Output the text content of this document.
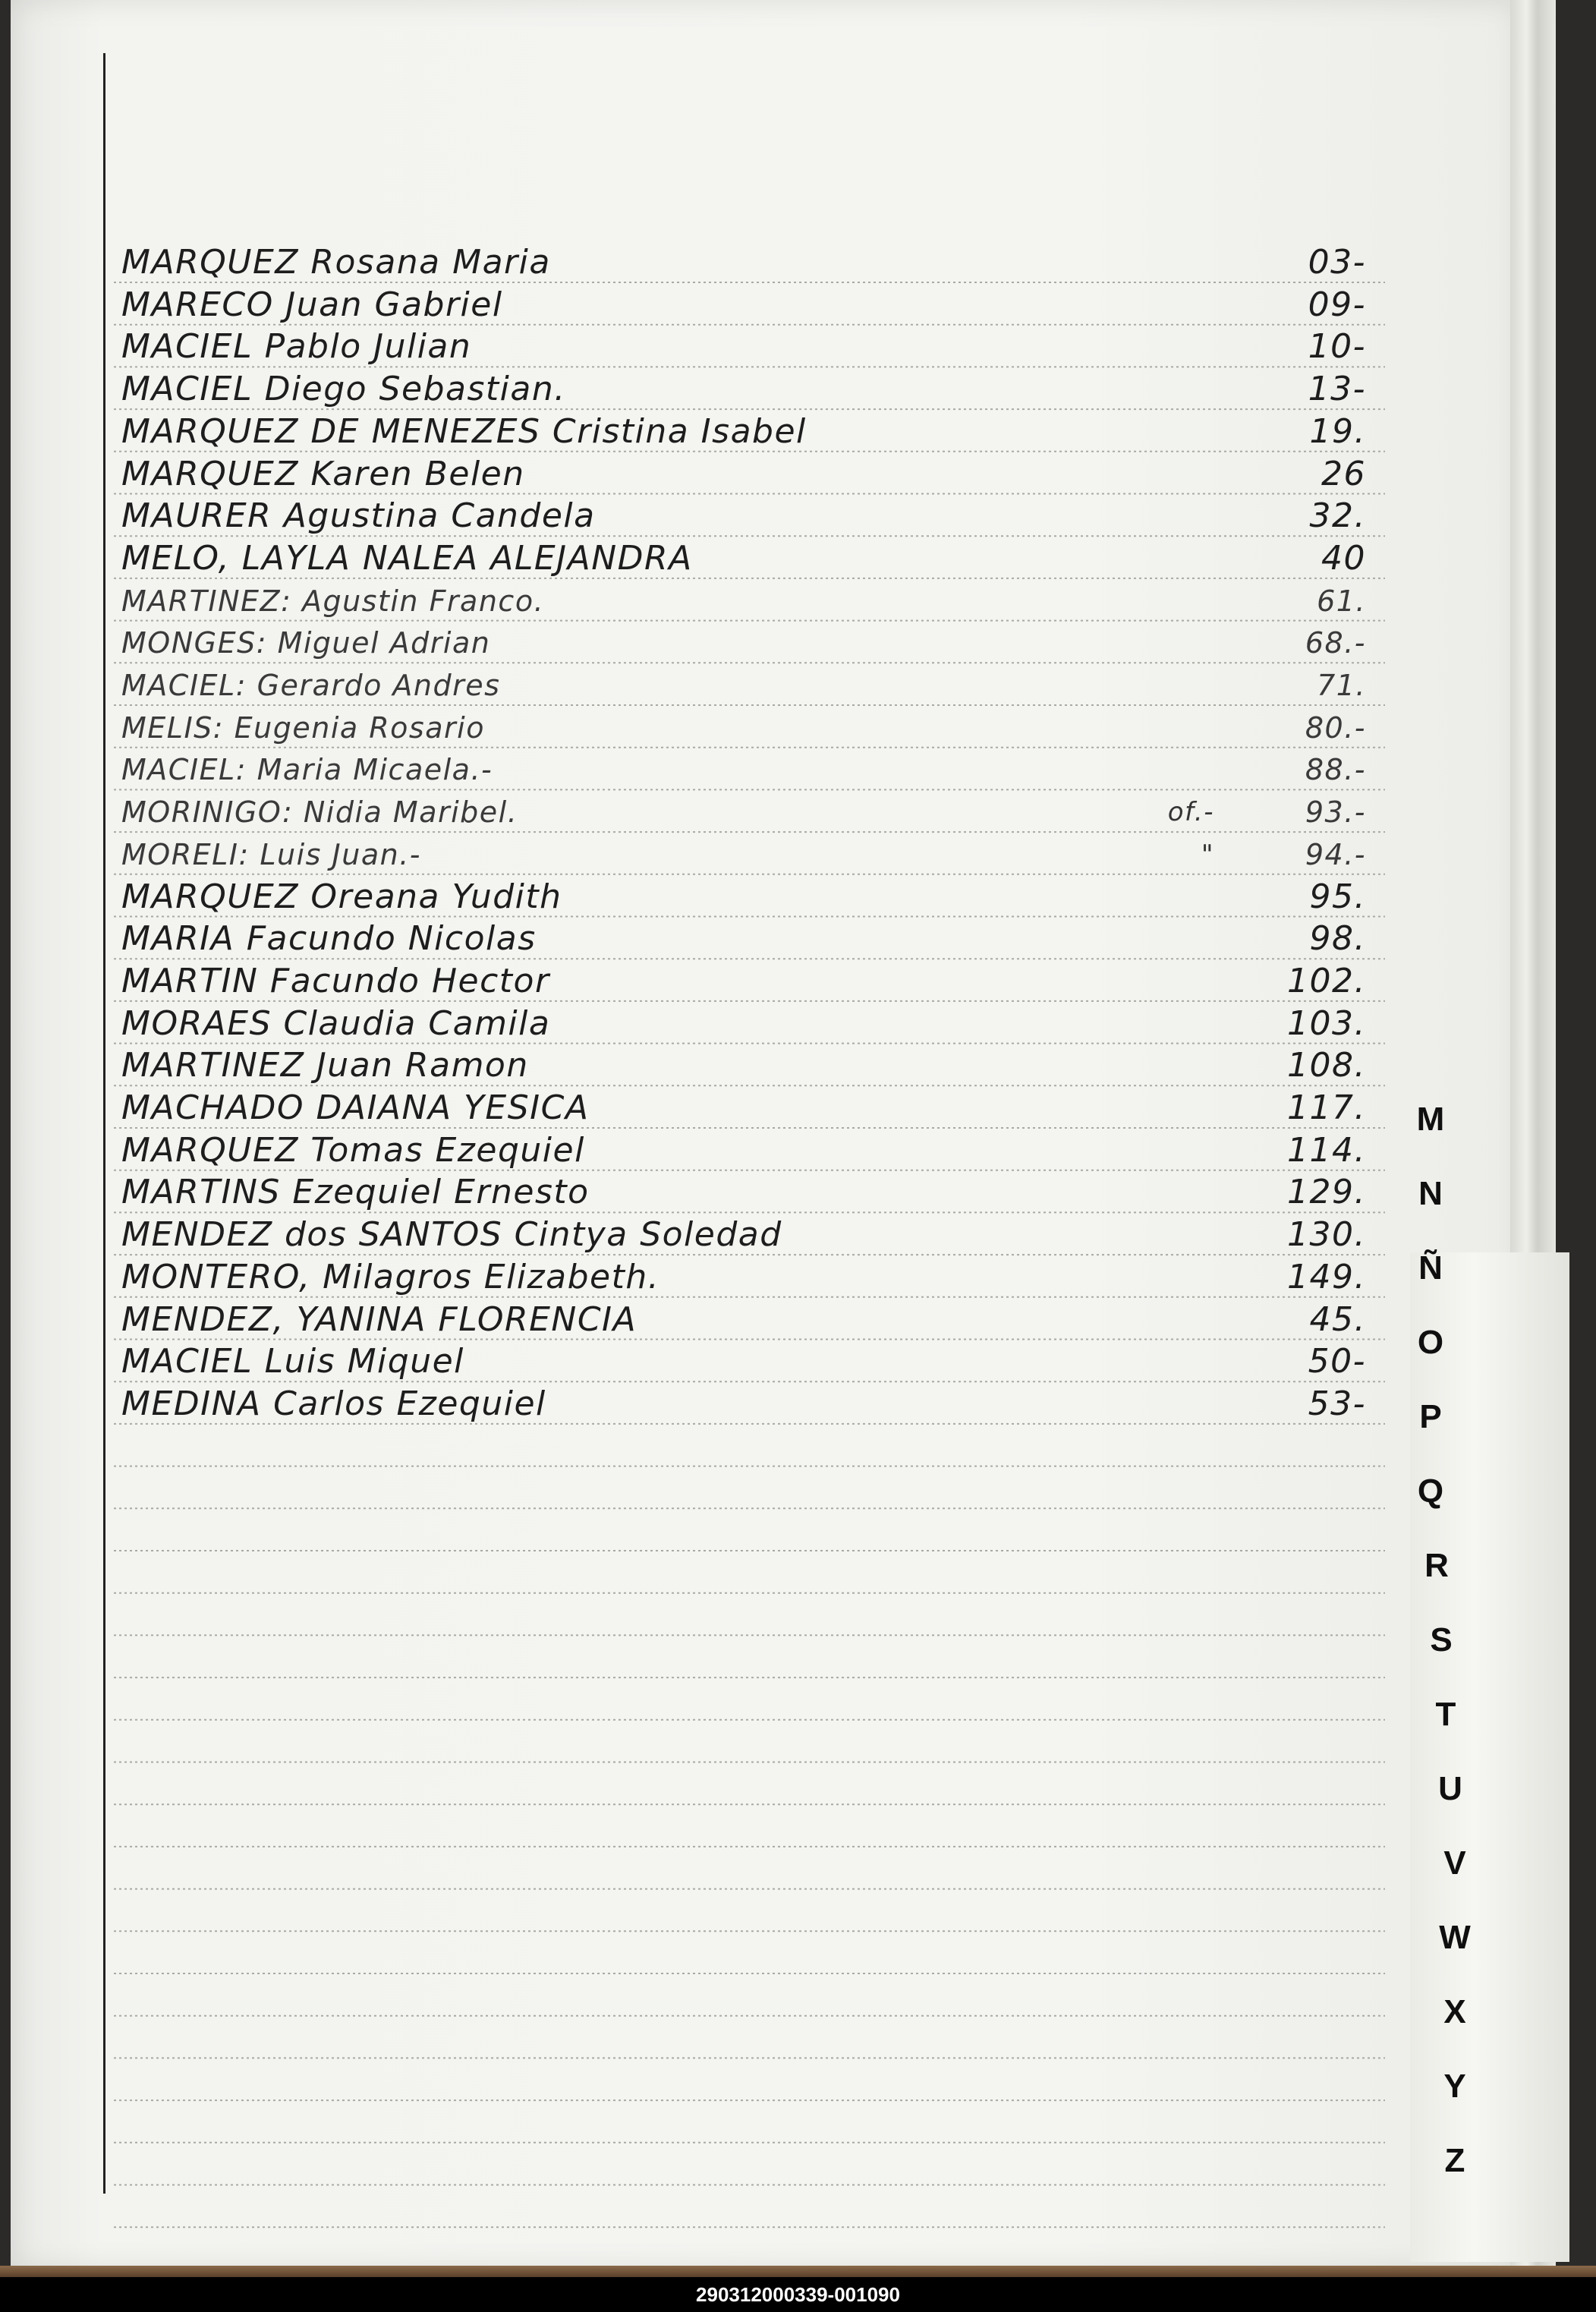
MARQUEZ Rosana Maria	03-
MARECO Juan Gabriel	09-
MACIEL Pablo Julian	10-
MACIEL Diego Sebastian.	13-
MARQUEZ DE MENEZES Cristina Isabel	19.
MARQUEZ Karen Belen	26
MAURER Agustina Candela	32.
MELO, LAYLA NALEA ALEJANDRA	40
MARTINEZ: Agustin Franco.	61.
MONGES: Miguel Adrian	68.-
MACIEL: Gerardo Andres	71.
MELIS: Eugenia Rosario	80.-
MACIEL: Maria Micaela.-	88.-
MORINIGO: Nidia Maribel.	of.-	93.-
MORELI: Luis Juan.-	"	94.-
MARQUEZ Oreana Yudith	95.
MARIA Facundo Nicolas	98.
MARTIN Facundo Hector	102.
MORAES Claudia Camila	103.
MARTINEZ Juan Ramon	108.
MACHADO DAIANA YESICA	117.
MARQUEZ Tomas Ezequiel	114.
MARTINS Ezequiel Ernesto	129.
MENDEZ dos SANTOS Cintya Soledad	130.
MONTERO, Milagros Elizabeth.	149.
MENDEZ, YANINA FLORENCIA	45.
MACIEL Luis Miquel	50-
MEDINA Carlos Ezequiel	53-
M
N
Ñ
O
P
Q
R
S
T
U
V
W
X
Y
Z
290312000339-001090
